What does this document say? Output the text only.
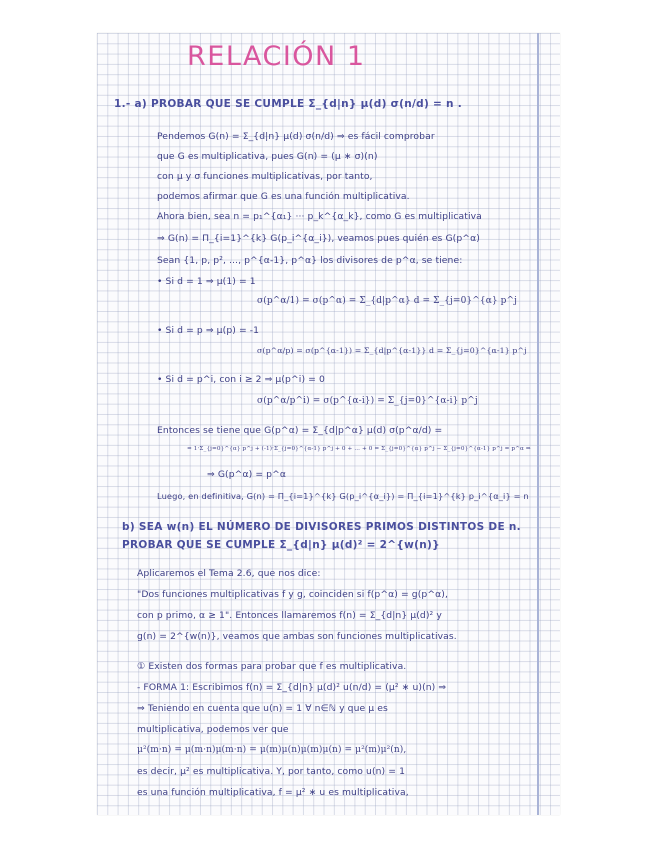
RELACIÓN 1
1.- a) PROBAR QUE SE CUMPLE Σ_{d|n} μ(d) σ(n/d) = n .
Pendemos G(n) = Σ_{d|n} μ(d) σ(n/d) ⇒ es fácil comprobar
que G es multiplicativa, pues G(n) = (μ ∗ σ)(n)
con μ y σ funciones multiplicativas, por tanto,
podemos afirmar que G es una función multiplicativa.
Ahora bien, sea n = p₁^{α₁} ··· p_k^{α_k}, como G es multiplicativa
⇒ G(n) = Π_{i=1}^{k} G(p_i^{α_i}), veamos pues quién es G(p^α)
Sean {1, p, p², ..., p^{α-1}, p^α} los divisores de p^α, se tiene:
• Si d = 1 ⇒ μ(1) = 1
σ(p^α/1) = σ(p^α) = Σ_{d|p^α} d = Σ_{j=0}^{α} p^j
• Si d = p ⇒ μ(p) = -1
σ(p^α/p) = σ(p^{α-1}) = Σ_{d|p^{α-1}} d = Σ_{j=0}^{α-1} p^j
• Si d = p^i, con i ≥ 2 ⇒ μ(p^i) = 0
σ(p^α/p^i) = σ(p^{α-i}) = Σ_{j=0}^{α-i} p^j
Entonces se tiene que G(p^α) = Σ_{d|p^α} μ(d) σ(p^α/d) =
= 1·Σ_{j=0}^{α} p^j + (-1)·Σ_{j=0}^{α-1} p^j + 0 + ... + 0 = Σ_{j=0}^{α} p^j − Σ_{j=0}^{α-1} p^j = p^α ⇒
⇒ G(p^α) = p^α
Luego, en definitiva, G(n) = Π_{i=1}^{k} G(p_i^{α_i}) = Π_{i=1}^{k} p_i^{α_i} = n
b) SEA w(n) EL NÚMERO DE DIVISORES PRIMOS DISTINTOS DE n.
PROBAR QUE SE CUMPLE Σ_{d|n} μ(d)² = 2^{w(n)}
Aplicaremos el Tema 2.6, que nos dice:
"Dos funciones multiplicativas f y g, coinciden si f(p^α) = g(p^α),
con p primo, α ≥ 1". Entonces llamaremos f(n) = Σ_{d|n} μ(d)² y
g(n) = 2^{w(n)}, veamos que ambas son funciones multiplicativas.
① Existen dos formas para probar que f es multiplicativa.
- FORMA 1: Escribimos f(n) = Σ_{d|n} μ(d)² u(n/d) = (μ² ∗ u)(n) ⇒
⇒ Teniendo en cuenta que u(n) = 1 ∀ n∈ℕ y que μ es
multiplicativa, podemos ver que
μ²(m·n) = μ(m·n)μ(m·n) = μ(m)μ(n)μ(m)μ(n) = μ²(m)μ²(n),
es decir, μ² es multiplicativa. Y, por tanto, como u(n) = 1
es una función multiplicativa, f = μ² ∗ u es multiplicativa,
